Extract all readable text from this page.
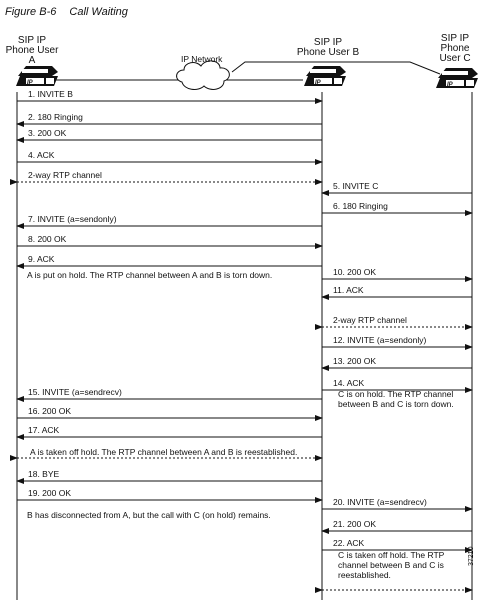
Figure B-6 Call Waiting
SIP IP
Phone User A
SIP IP
Phone User B
SIP IP
Phone
User C
IP Network
IP	IP	IP
1. INVITE B
2. 180 Ringing
3. 200 OK
4. ACK
2-way RTP channel
5. INVITE C
6. 180 Ringing
7. INVITE (a=sendonly)
8. 200 OK
9. ACK
10. 200 OK
11. ACK
2-way RTP channel
12. INVITE (a=sendonly)
13. 200 OK
14. ACK
15. INVITE (a=sendrecv)
16. 200 OK
17. ACK
18. BYE
19. 200 OK
20. INVITE (a=sendrecv)
21. 200 OK
22. ACK
A is put on hold. The RTP channel between A and B is torn down.
C is on hold. The RTP channel
between B and C is torn down.
A is taken off hold. The RTP channel between A and B is reestablished.
B has disconnected from A, but the call with C (on hold) remains.
C is taken off hold. The RTP
channel between B and C is
reestablished.
37210
